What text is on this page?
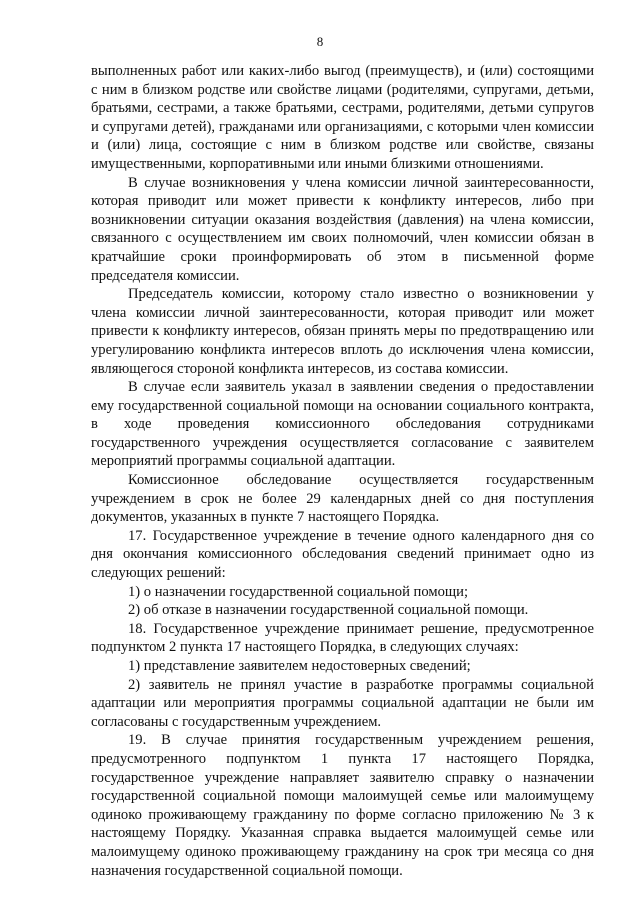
8

выполненных работ или каких-либо выгод (преимуществ), и (или) состоящими с ним в близком родстве или свойстве лицами (родителями, супругами, детьми, братьями, сестрами, а также братьями, сестрами, родителями, детьми супругов и супругами детей), гражданами или организациями, с которыми член комиссии и (или) лица, состоящие с ним в близком родстве или свойстве, связаны имущественными, корпоративными или иными близкими отношениями.

В случае возникновения у члена комиссии личной заинтересованности, которая приводит или может привести к конфликту интересов, либо при возникновении ситуации оказания воздействия (давления) на члена комиссии, связанного с осуществлением им своих полномочий, член комиссии обязан в кратчайшие сроки проинформировать об этом в письменной форме председателя комиссии.

Председатель комиссии, которому стало известно о возникновении у члена комиссии личной заинтересованности, которая приводит или может привести к конфликту интересов, обязан принять меры по предотвращению или урегулированию конфликта интересов вплоть до исключения члена комиссии, являющегося стороной конфликта интересов, из состава комиссии.

В случае если заявитель указал в заявлении сведения о предоставлении ему государственной социальной помощи на основании социального контракта, в ходе проведения комиссионного обследования сотрудниками государственного учреждения осуществляется согласование с заявителем мероприятий программы социальной адаптации.

Комиссионное обследование осуществляется государственным учреждением в срок не более 29 календарных дней со дня поступления документов, указанных в пункте 7 настоящего Порядка.

17. Государственное учреждение в течение одного календарного дня со дня окончания комиссионного обследования сведений принимает одно из следующих решений:

1) о назначении государственной социальной помощи;

2) об отказе в назначении государственной социальной помощи.

18. Государственное учреждение принимает решение, предусмотренное подпунктом 2 пункта 17 настоящего Порядка, в следующих случаях:

1) представление заявителем недостоверных сведений;

2) заявитель не принял участие в разработке программы социальной адаптации или мероприятия программы социальной адаптации не были им согласованы с государственным учреждением.

19. В случае принятия государственным учреждением решения, предусмотренного подпунктом 1 пункта 17 настоящего Порядка, государственное учреждение направляет заявителю справку о назначении государственной социальной помощи малоимущей семье или малоимущему одиноко проживающему гражданину по форме согласно приложению № 3 к настоящему Порядку. Указанная справка выдается малоимущей семье или малоимущему одиноко проживающему гражданину на срок три месяца со дня назначения государственной социальной помощи.
